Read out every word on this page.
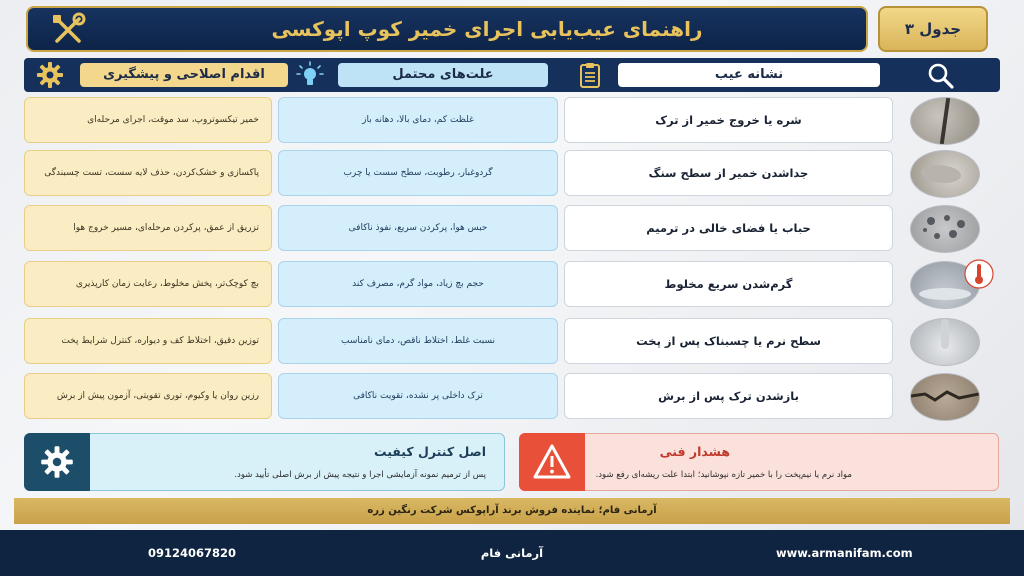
راهنمای عیب‌یابی اجرای خمیر کوپ اپوکسی	جدول ۳
اقدام اصلاحی و پیشگیری	علت‌های محتمل	نشانه عیب
خمیر تیکسوتروپ، سد موقت، اجرای مرحله‌ای	غلظت کم، دمای بالا، دهانه باز	شره یا خروج خمیر از ترک
پاکسازی و خشک‌کردن، حذف لایه سست، تست چسبندگی	گردوغبار، رطوبت، سطح سست یا چرب	جداشدن خمیر از سطح سنگ
تزریق از عمق، پرکردن مرحله‌ای، مسیر خروج هوا	حبس هوا، پرکردن سریع، نفوذ ناکافی	حباب یا فضای خالی در ترمیم
بچ کوچک‌تر، پخش مخلوط، رعایت زمان کارپذیری	حجم بچ زیاد، مواد گرم، مصرف کند	گرم‌شدن سریع مخلوط
توزین دقیق، اختلاط کف و دیواره، کنترل شرایط پخت	نسبت غلط، اختلاط ناقص، دمای نامناسب	سطح نرم یا چسبناک پس از پخت
رزین روان یا وکیوم، توری تقویتی، آزمون پیش از برش	ترک داخلی پر نشده، تقویت ناکافی	بازشدن ترک پس از برش
اصل کنترل کیفیت
پس از ترمیم نمونه آزمایشی اجرا و نتیجه پیش از برش اصلی تأیید شود.
هشدار فنی
مواد نرم یا نیم‌پخت را با خمیر تازه نپوشانید؛ ابتدا علت ریشه‌ای رفع شود.
آرمانی فام؛ نماینده فروش برند آراپوکس شرکت رنگین زره
09124067820	آرمانی فام	www.armanifam.com
